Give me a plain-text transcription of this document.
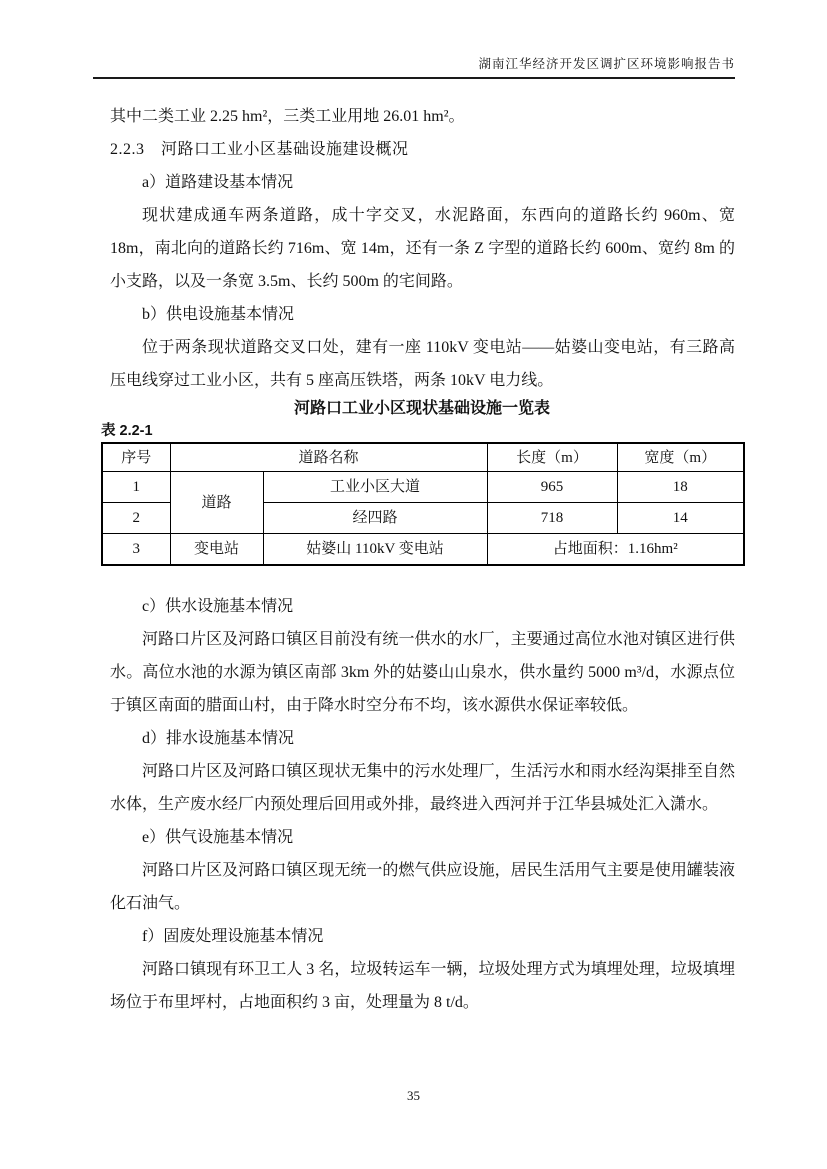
湖南江华经济开发区调扩区环境影响报告书

其中二类工业 2.25 hm²，三类工业用地 26.01 hm²。

2.2.3　河路口工业小区基础设施建设概况

a）道路建设基本情况

现状建成通车两条道路，成十字交叉，水泥路面，东西向的道路长约 960m、宽 18m，南北向的道路长约 716m、宽 14m，还有一条 Z 字型的道路长约 600m、宽约 8m 的小支路，以及一条宽 3.5m、长约 500m 的宅间路。

b）供电设施基本情况

位于两条现状道路交叉口处，建有一座 110kV 变电站——姑婆山变电站，有三路高压电线穿过工业小区，共有 5 座高压铁塔，两条 10kV 电力线。

河路口工业小区现状基础设施一览表

表 2.2-1

序号	道路名称		长度（m）	宽度（m）
1	道路	工业小区大道	965	18
2		经四路	718	14
3	变电站	姑婆山 110kV 变电站	占地面积：1.16hm²	

c）供水设施基本情况

河路口片区及河路口镇区目前没有统一供水的水厂，主要通过高位水池对镇区进行供水。高位水池的水源为镇区南部 3km 外的姑婆山山泉水，供水量约 5000 m³/d，水源点位于镇区南面的腊面山村，由于降水时空分布不均，该水源供水保证率较低。

d）排水设施基本情况

河路口片区及河路口镇区现状无集中的污水处理厂，生活污水和雨水经沟渠排至自然水体，生产废水经厂内预处理后回用或外排，最终进入西河并于江华县城处汇入潇水。

e）供气设施基本情况

河路口片区及河路口镇区现无统一的燃气供应设施，居民生活用气主要是使用罐装液化石油气。

f）固废处理设施基本情况

河路口镇现有环卫工人 3 名，垃圾转运车一辆，垃圾处理方式为填埋处理，垃圾填埋场位于布里坪村，占地面积约 3 亩，处理量为 8 t/d。

35
